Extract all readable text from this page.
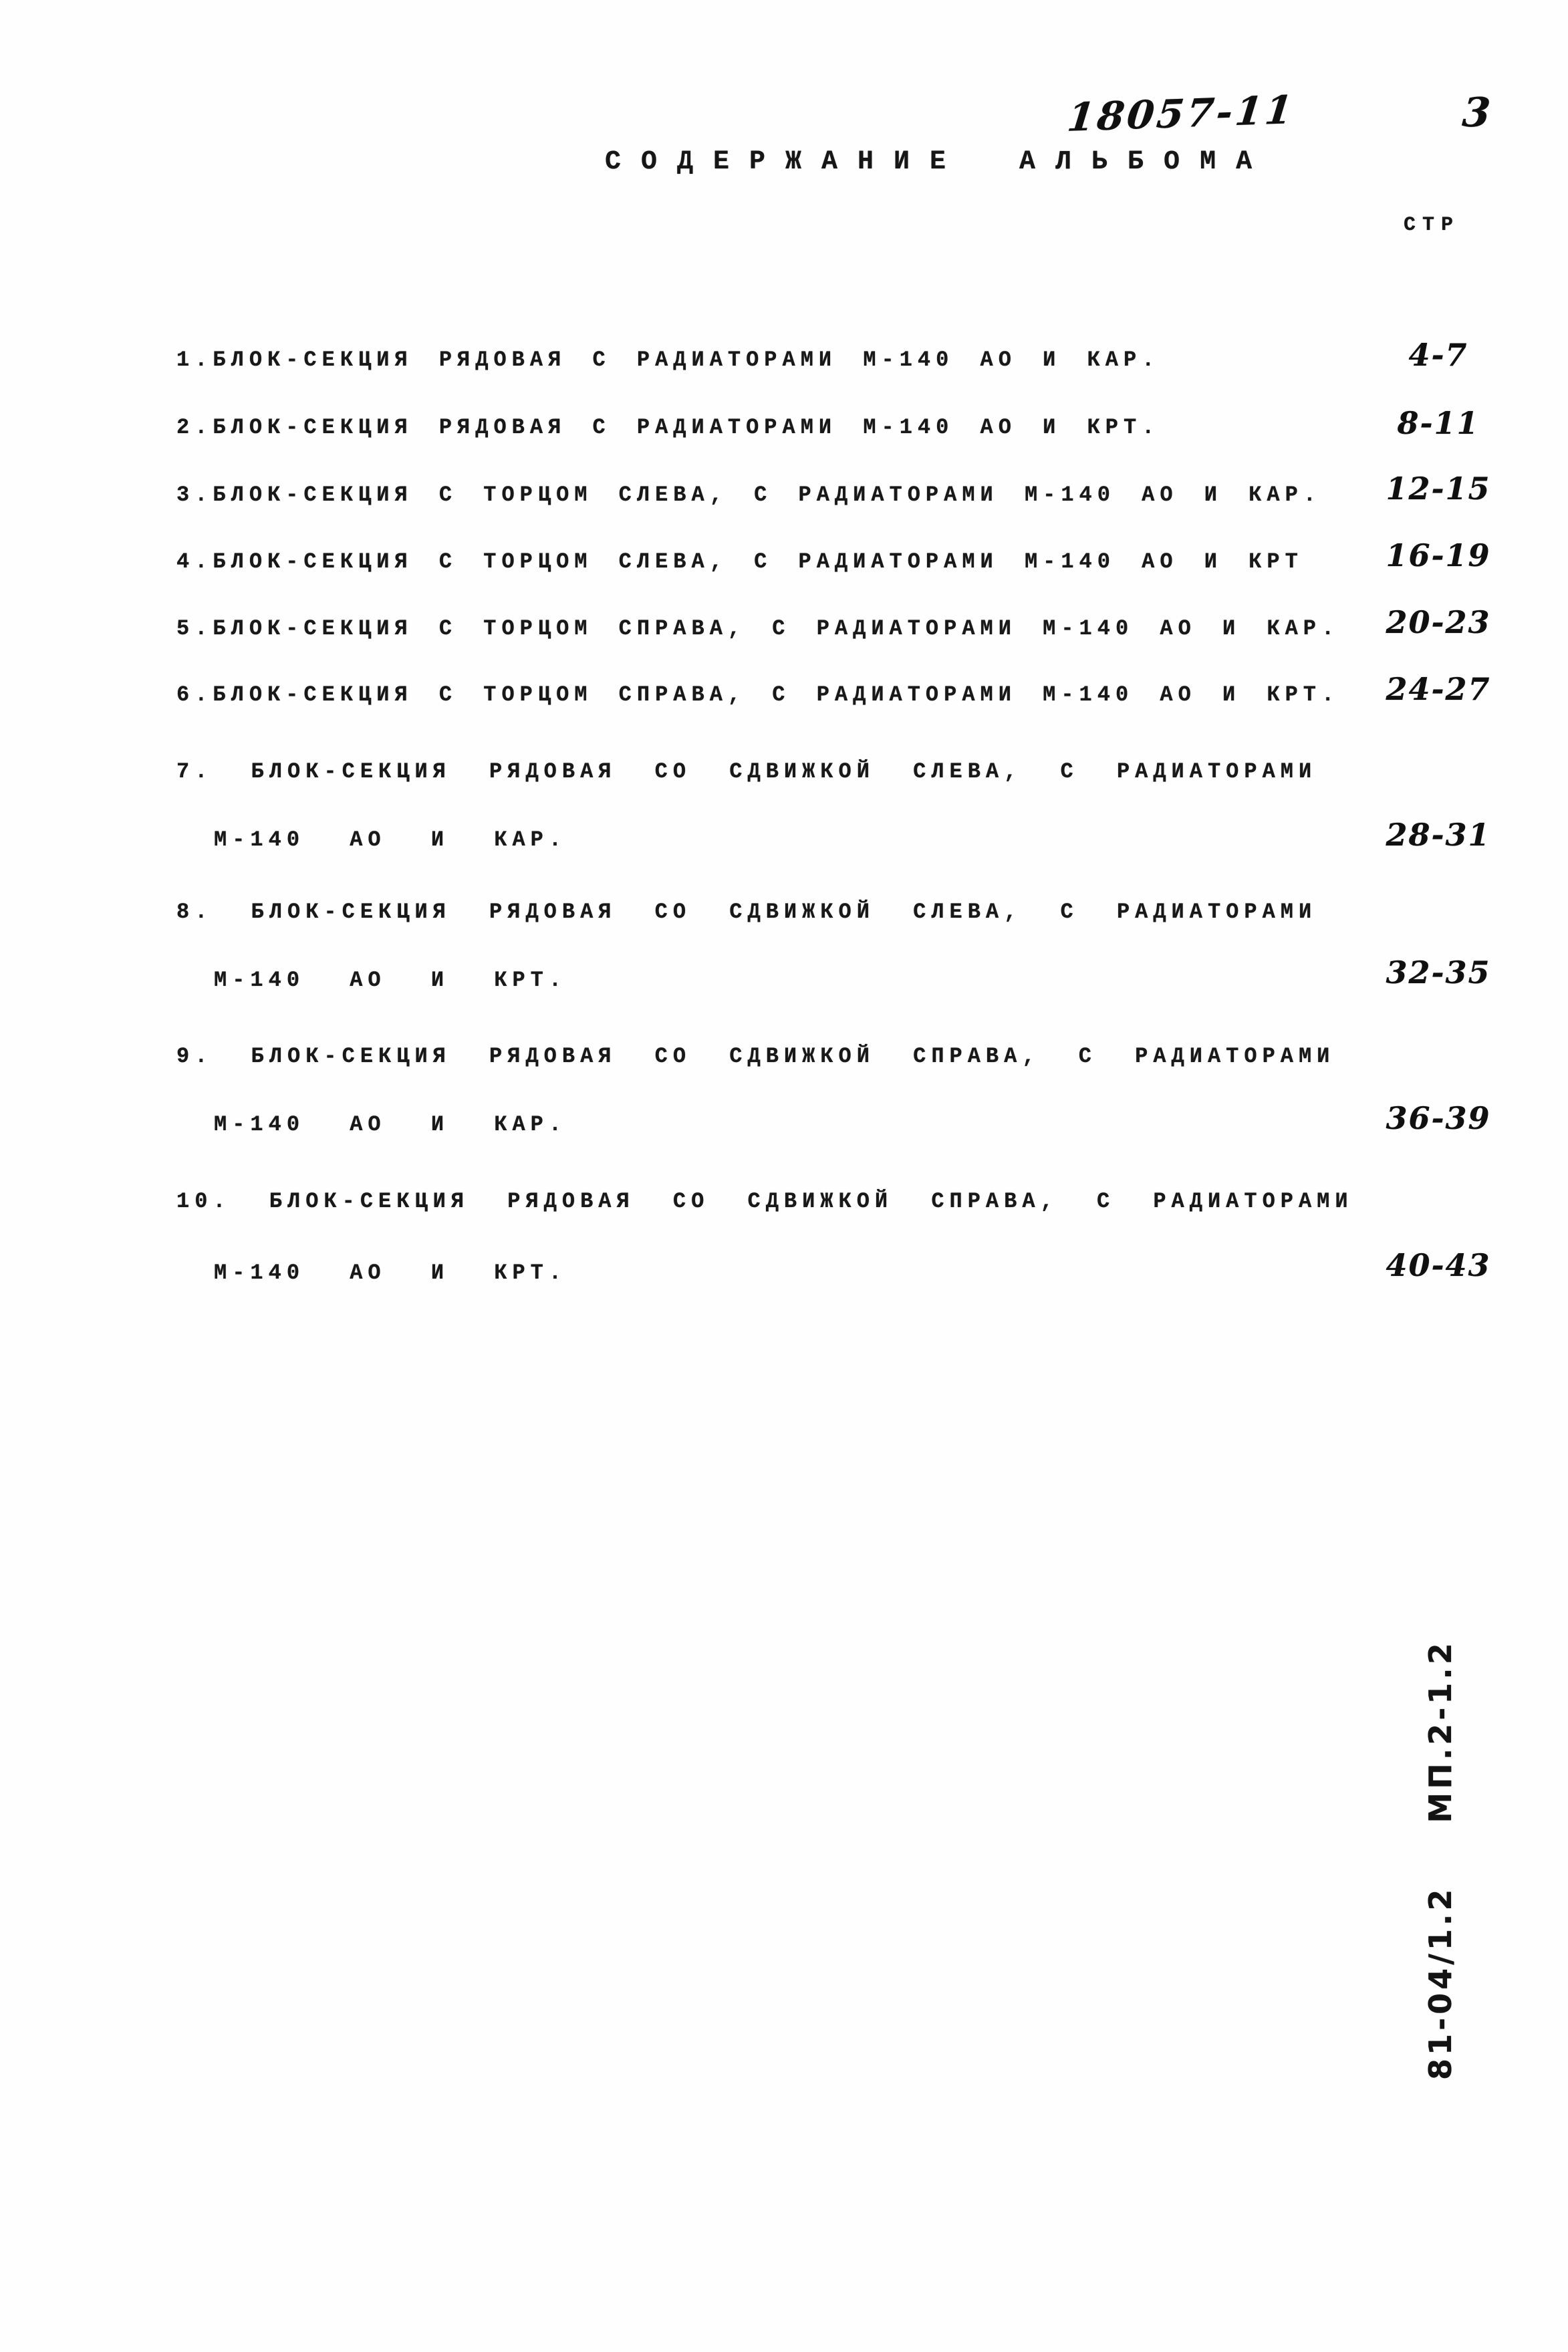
18057-11	3
СОДЕРЖАНИЕ АЛЬБОМА
СТР
1.БЛОК-СЕКЦИЯ РЯДОВАЯ С РАДИАТОРАМИ М-140 АО И КАР.	4-7
2.БЛОК-СЕКЦИЯ РЯДОВАЯ С РАДИАТОРАМИ М-140 АО И КРТ.	8-11
3.БЛОК-СЕКЦИЯ С ТОРЦОМ СЛЕВА, С РАДИАТОРАМИ М-140 АО И КАР. 12-15
4.БЛОК-СЕКЦИЯ С ТОРЦОМ СЛЕВА, С РАДИАТОРАМИ М-140 АО И КРТ	16-19
5.БЛОК-СЕКЦИЯ С ТОРЦОМ СПРАВА, С РАДИАТОРАМИ М-140 АО И КАР. 20-23
6.БЛОК-СЕКЦИЯ С ТОРЦОМ СПРАВА, С РАДИАТОРАМИ М-140 АО И КРТ. 24-27
7. БЛОК-СЕКЦИЯ РЯДОВАЯ СО СДВИЖКОЙ СЛЕВА, С РАДИАТОРАМИ
М-140 АО И КАР.	28-31
8. БЛОК-СЕКЦИЯ РЯДОВАЯ СО СДВИЖКОЙ СЛЕВА, С РАДИАТОРАМИ
М-140 АО И КРТ.	32-35
9. БЛОК-СЕКЦИЯ РЯДОВАЯ СО СДВИЖКОЙ СПРАВА, С РАДИАТОРАМИ
М-140 АО И КАР.	36-39
10. БЛОК-СЕКЦИЯ РЯДОВАЯ СО СДВИЖКОЙ СПРАВА, С РАДИАТОРАМИ
М-140 АО И КРТ.	40-43
81-04/1.2  МП.2-1.2
